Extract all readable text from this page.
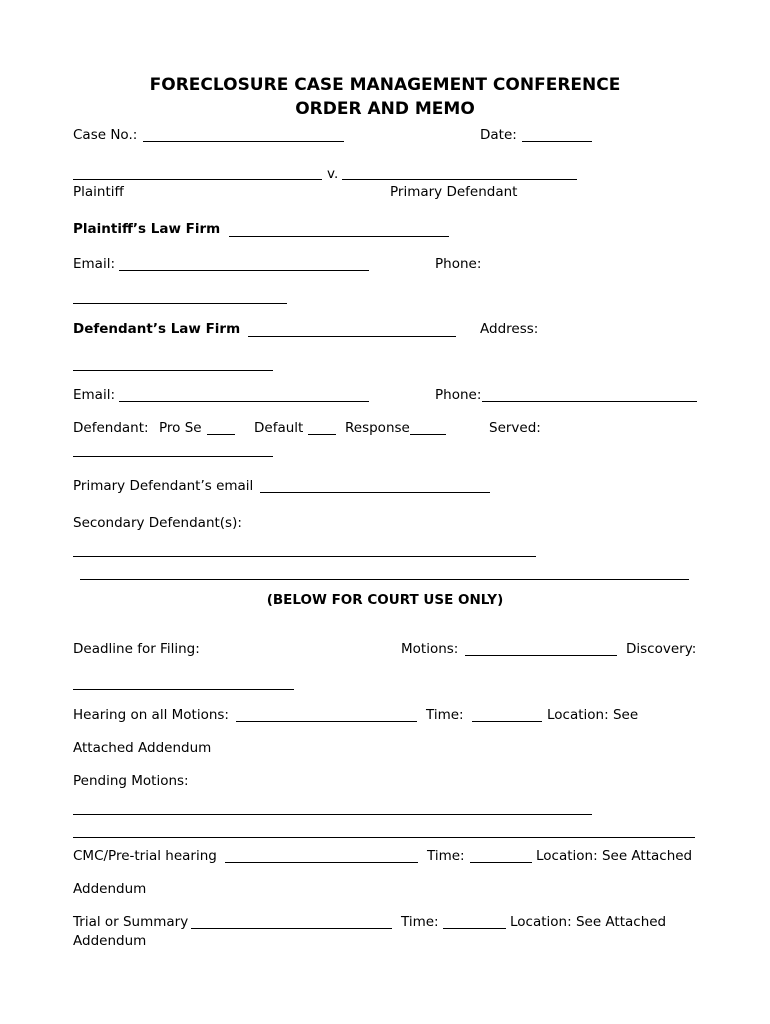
FORECLOSURE CASE MANAGEMENT CONFERENCE
ORDER AND MEMO
Case No.:	Date:
v.
Plaintiff	Primary Defendant
Plaintiff’s Law Firm
Email:	Phone:
Defendant’s Law Firm	Address:
Email:	Phone:
Defendant: Pro Se	Default	Response	Served:
Primary Defendant’s email
Secondary Defendant(s):
(BELOW FOR COURT USE ONLY)
Deadline for Filing:	Motions:	Discovery:
Hearing on all Motions:	Time:	Location: See
Attached Addendum
Pending Motions:
CMC/Pre-trial hearing	Time:	Location: See Attached
Addendum
Trial or Summary	Time:	Location: See Attached
Addendum
